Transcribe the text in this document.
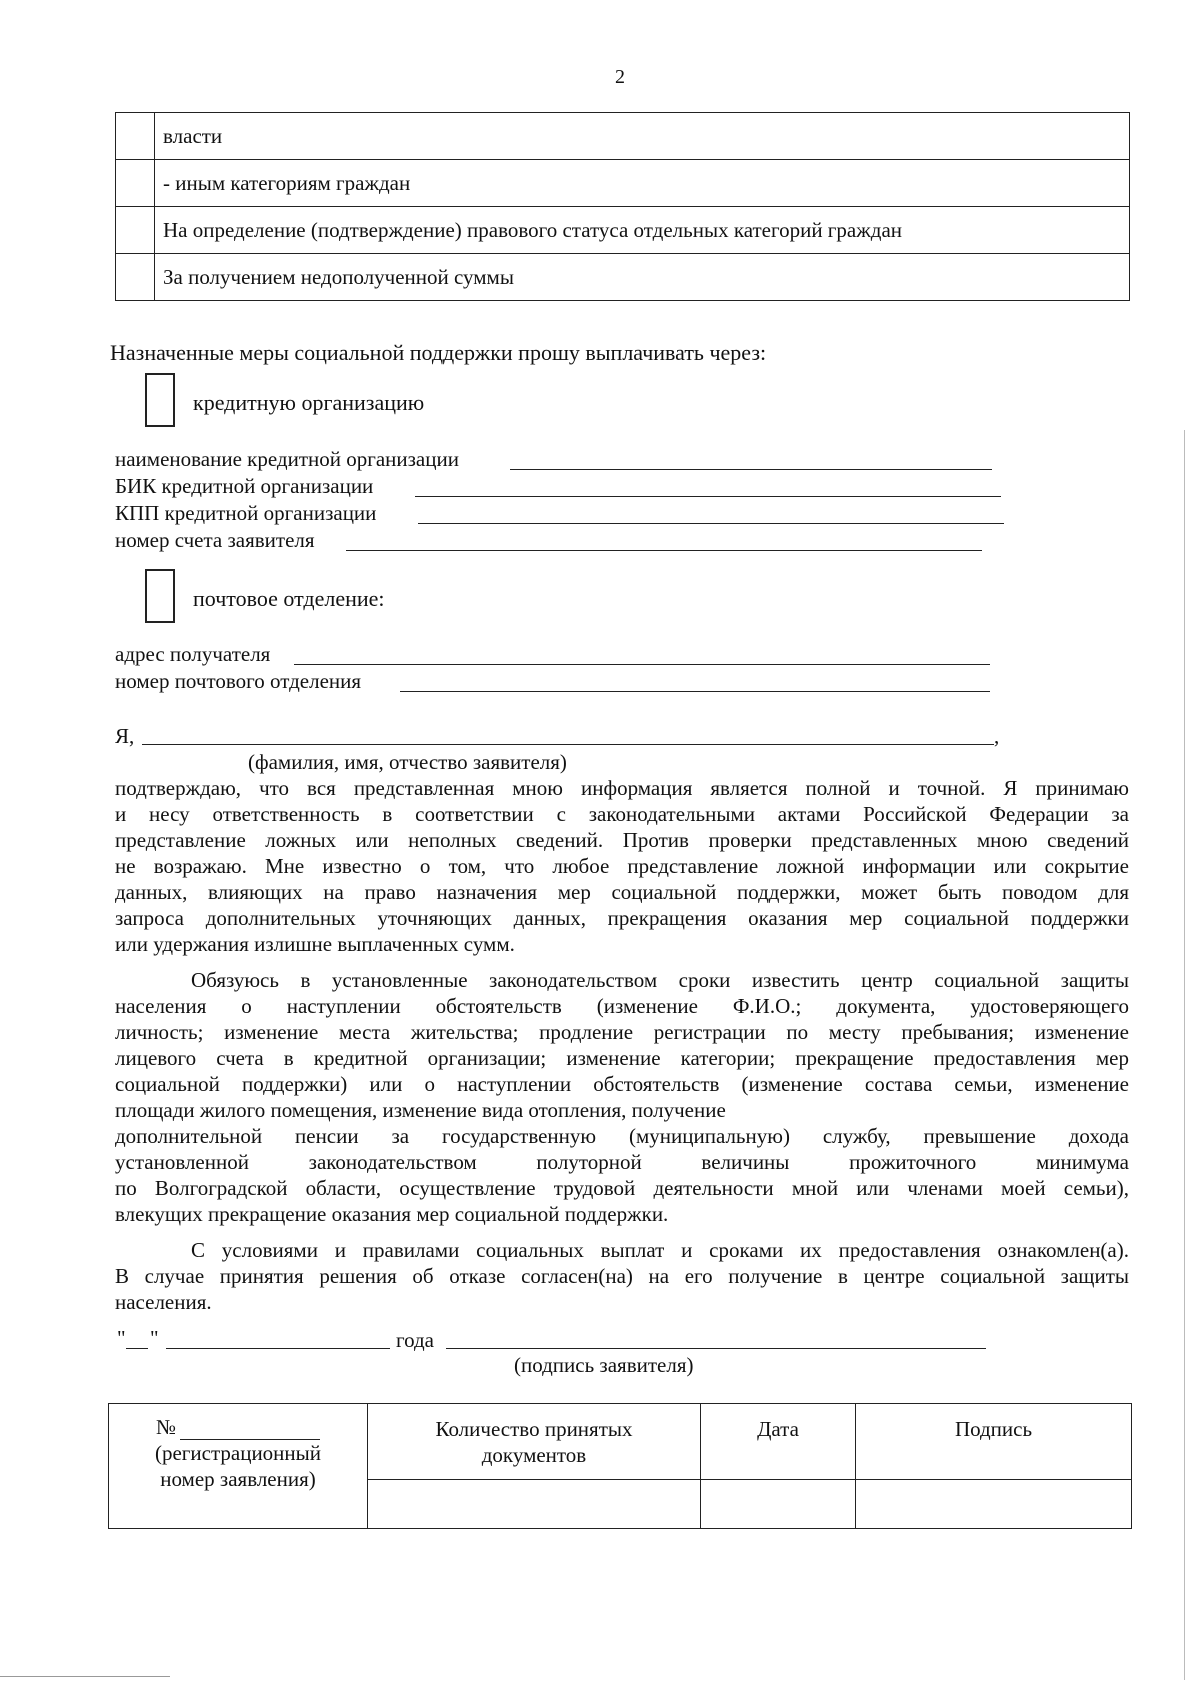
2
	власти
	- иным категориям граждан
	На определение (подтверждение) правового статуса отдельных категорий граждан
	За получением недополученной суммы
Назначенные меры социальной поддержки прошу выплачивать через:
кредитную организацию
наименование кредитной организации
БИК кредитной организации
КПП кредитной организации
номер счета заявителя
почтовое отделение:
адрес получателя
номер почтового отделения
Я,	,
(фамилия, имя, отчество заявителя)
подтверждаю, что вся представленная мною информация является полной и точной. Я принимаю
и несу ответственность в соответствии с законодательными актами Российской Федерации за
представление ложных или неполных сведений. Против проверки представленных мною сведений
не возражаю. Мне известно о том, что любое представление ложной информации или сокрытие
данных, влияющих на право назначения мер социальной поддержки, может быть поводом для
запроса дополнительных уточняющих данных, прекращения оказания мер социальной поддержки
или удержания излишне выплаченных сумм.
Обязуюсь в установленные законодательством сроки известить центр социальной защиты
населения о наступлении обстоятельств (изменение Ф.И.О.; документа, удостоверяющего
личность; изменение места жительства; продление регистрации по месту пребывания; изменение
лицевого счета в кредитной организации; изменение категории; прекращение предоставления мер
социальной поддержки) или о наступлении обстоятельств (изменение состава семьи, изменение
площади жилого помещения, изменение вида отопления, получение
дополнительной пенсии за государственную (муниципальную) службу, превышение дохода
установленной законодательством полуторной величины прожиточного минимума
по Волгоградской области, осуществление трудовой деятельности мной или членами моей семьи),
влекущих прекращение оказания мер социальной поддержки.
С условиями и правилами социальных выплат и сроками их предоставления ознакомлен(а).
В случае принятия решения об отказе согласен(на) на его получение в центре социальной защиты
населения.
" "	года
(подпись заявителя)
№
(регистрационный номер заявления)	Количество принятых документов	Дата	Подпись
